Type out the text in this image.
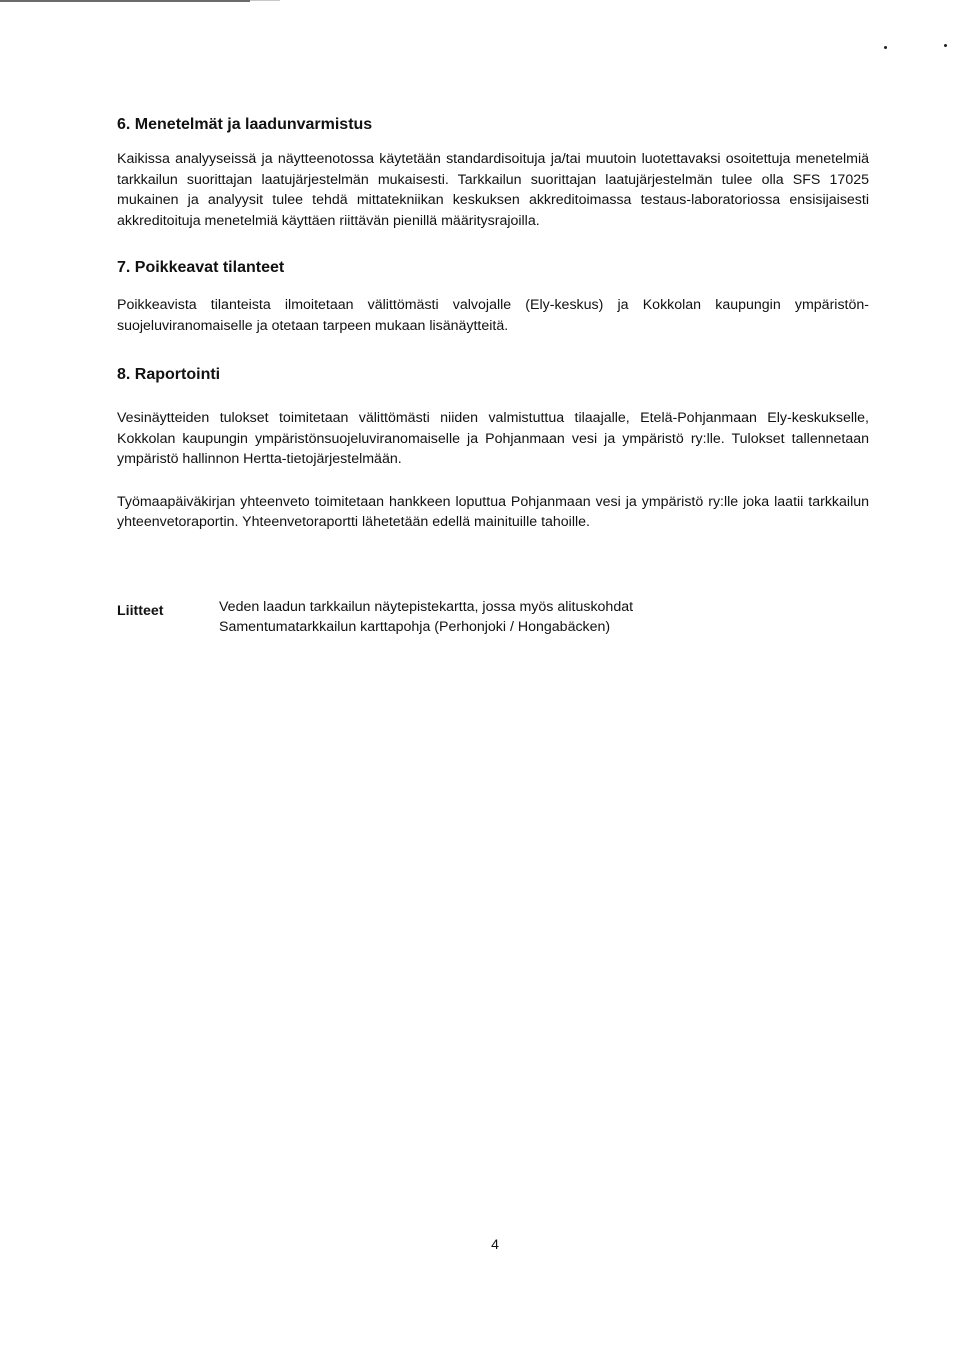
6. Menetelmät ja laadunvarmistus

Kaikissa analyyseissä ja näytteenotossa käytetään standardisoituja ja/tai muutoin luotettavaksi osoitettuja menetelmiä tarkkailun suorittajan laatujärjestelmän mukaisesti. Tarkkailun suorittajan laatujärjestelmän tulee olla SFS 17025 mukainen ja analyysit tulee tehdä mittatekniikan keskuksen akkreditoimassa testaus-laboratoriossa ensisijaisesti akkreditoituja menetelmiä käyttäen riittävän pienillä määritysrajoilla.

7. Poikkeavat tilanteet

Poikkeavista tilanteista ilmoitetaan välittömästi valvojalle (Ely-keskus) ja Kokkolan kaupungin ympäristön-suojeluviranomaiselle ja otetaan tarpeen mukaan lisänäytteitä.

8. Raportointi

Vesinäytteiden tulokset toimitetaan välittömästi niiden valmistuttua tilaajalle, Etelä-Pohjanmaan Ely-keskukselle, Kokkolan kaupungin ympäristönsuojeluviranomaiselle ja Pohjanmaan vesi ja ympäristö ry:lle. Tulokset tallennetaan ympäristö hallinnon Hertta-tietojärjestelmään.

Työmaapäiväkirjan yhteenveto toimitetaan hankkeen loputtua Pohjanmaan vesi ja ympäristö ry:lle joka laatii tarkkailun yhteenvetoraportin. Yhteenvetoraportti lähetetään edellä mainituille tahoille.

Liitteet	Veden laadun tarkkailun näytepistekartta, jossa myös alituskohdat
Samentumatarkkailun karttapohja (Perhonjoki / Hongabäcken)
4
